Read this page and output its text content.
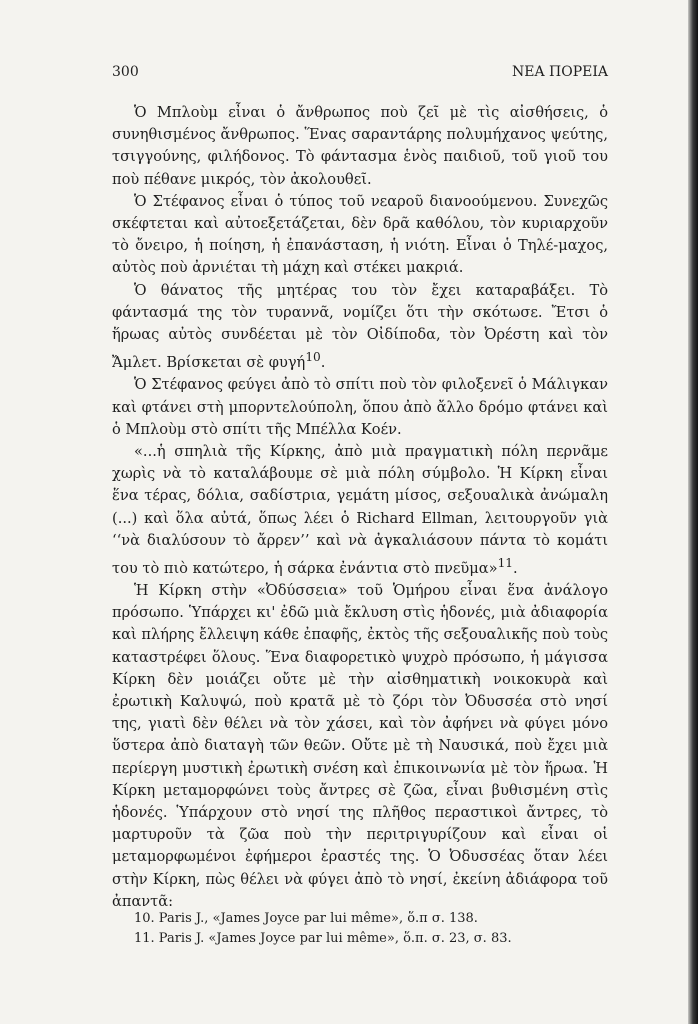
300	ΝΕΑ ΠΟΡΕΙΑ

Ὁ Μπλοὺμ εἶναι ὁ ἄνθρωπος ποὺ ζεῖ μὲ τὶς αἰσθήσεις, ὁ συνηθισμένος ἄνθρωπος. Ἕνας σαραντάρης πολυμήχανος ψεύτης, τσιγγούνης, φιλήδονος. Τὸ φάντασμα ἑνὸς παιδιοῦ, τοῦ γιοῦ του ποὺ πέθανε μικρός, τὸν ἀκολουθεῖ.

Ὁ Στέφανος εἶναι ὁ τύπος τοῦ νεαροῦ διανοούμενου. Συνεχῶς σκέφτεται καὶ αὐτοεξετάζεται, δὲν δρᾶ καθόλου, τὸν κυριαρχοῦν τὸ ὄνειρο, ἡ ποίηση, ἡ ἐπανάσταση, ἡ νιότη. Εἶναι ὁ Τηλέ-μαχος, αὐτὸς ποὺ ἀρνιέται τὴ μάχη καὶ στέκει μακριά.

Ὁ θάνατος τῆς μητέρας του τὸν ἔχει καταραβάξει. Τὸ φάντασμά της τὸν τυραννᾶ, νομίζει ὅτι τὴν σκότωσε. Ἔτσι ὁ ἥρωας αὐτὸς συνδέεται μὲ τὸν Οἰδίποδα, τὸν Ὀρέστη καὶ τὸν Ἄμλετ. Βρίσκεται σὲ φυγή$^{10}$.

Ὁ Στέφανος φεύγει ἀπὸ τὸ σπίτι ποὺ τὸν φιλοξενεῖ ὁ Μάλιγκαν καὶ φτάνει στὴ μπορντελούπολη, ὅπου ἀπὸ ἄλλο δρόμο φτάνει καὶ ὁ Μπλοὺμ στὸ σπίτι τῆς Μπέλλα Κοέν.

«...ἡ σπηλιὰ τῆς Κίρκης, ἀπὸ μιὰ πραγματικὴ πόλη περνᾶμε χωρὶς νὰ τὸ καταλάβουμε σὲ μιὰ πόλη σύμβολο. Ἡ Κίρκη εἶναι ἕνα τέρας, δόλια, σαδίστρια, γεμάτη μίσος, σεξουαλικὰ ἀνώμαλη (...) καὶ ὅλα αὐτά, ὅπως λέει ὁ Richard Ellman, λειτουργοῦν γιὰ ‘‘νὰ διαλύσουν τὸ ἄρρεν’’ καὶ νὰ ἀγκαλιάσουν πάντα τὸ κομάτι του τὸ πιὸ κατώτερο, ἡ σάρκα ἐνάντια στὸ πνεῦμα»$^{11}$.

Ἡ Κίρκη στὴν «Ὀδύσσεια» τοῦ Ὁμήρου εἶναι ἕνα ἀνάλογο πρόσωπο. Ὑπάρχει κι' ἐδῶ μιὰ ἔκλυση στὶς ἡδονές, μιὰ ἀδιαφορία καὶ πλήρης ἔλλειψη κάθε ἐπαφῆς, ἐκτὸς τῆς σεξουαλικῆς ποὺ τοὺς καταστρέφει ὅλους. Ἕνα διαφορετικὸ ψυχρὸ πρόσωπο, ἡ μάγισσα Κίρκη δὲν μοιάζει οὔτε μὲ τὴν αἰσθηματικὴ νοικοκυρὰ καὶ ἐρωτικὴ Καλυψώ, ποὺ κρατᾶ μὲ τὸ ζόρι τὸν Ὀδυσσέα στὸ νησί της, γιατὶ δὲν θέλει νὰ τὸν χάσει, καὶ τὸν ἀφήνει νὰ φύγει μόνο ὕστερα ἀπὸ διαταγὴ τῶν θεῶν. Οὔτε μὲ τὴ Ναυσικά, ποὺ ἔχει μιὰ περίεργη μυστικὴ ἐρωτικὴ σνέση καὶ ἐπικοινωνία μὲ τὸν ἥρωα. Ἡ Κίρκη μεταμορφώνει τοὺς ἄντρες σὲ ζῶα, εἶναι βυθισμένη στὶς ἡδονές. Ὑπάρχουν στὸ νησί της πλῆθος περαστικοὶ ἄντρες, τὸ μαρτυροῦν τὰ ζῶα ποὺ τὴν περιτριγυρίζουν καὶ εἶναι οἱ μεταμορφωμένοι ἐφήμεροι ἐραστές της. Ὁ Ὀδυσσέας ὅταν λέει στὴν Κίρκη, πὼς θέλει νὰ φύγει ἀπὸ τὸ νησί, ἐκείνη ἀδιάφορα τοῦ ἀπαντᾶ:

10. Paris J., «James Joyce par lui même», ὅ.π σ. 138.
11. Paris J. «James Joyce par lui même», ὅ.π. σ. 23, σ. 83.
